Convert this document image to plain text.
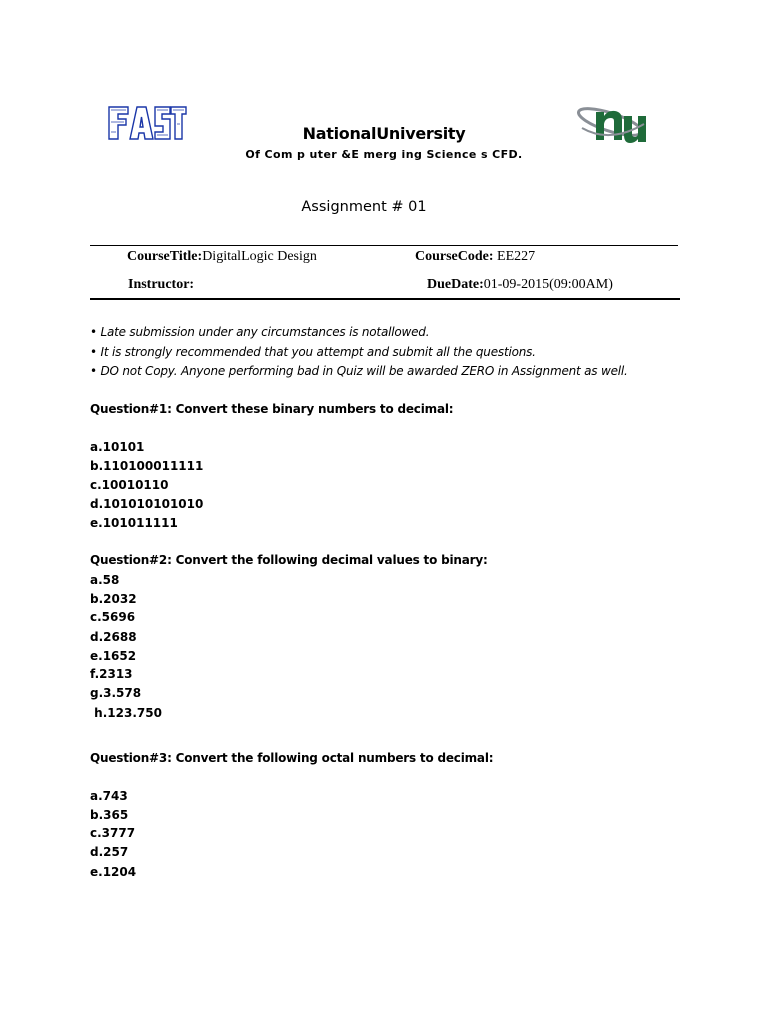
NationalUniversity
Of Com p uter &E merg ing Science s CFD.
Assignment # 01
CourseTitle:DigitalLogic Design	CourseCode: EE227
Instructor:	DueDate:01-09-2015(09:00AM)
• Late submission under any circumstances is notallowed.
• It is strongly recommended that you attempt and submit all the questions.
• DO not Copy. Anyone performing bad in Quiz will be awarded ZERO in Assignment as well.
Question#1: Convert these binary numbers to decimal:
a.10101
b.110100011111
c.10010110
d.101010101010
e.101011111
Question#2: Convert the following decimal values to binary:
a.58
b.2032
c.5696
d.2688
e.1652
f.2313
g.3.578
h.123.750
Question#3: Convert the following octal numbers to decimal:
a.743
b.365
c.3777
d.257
e.1204
